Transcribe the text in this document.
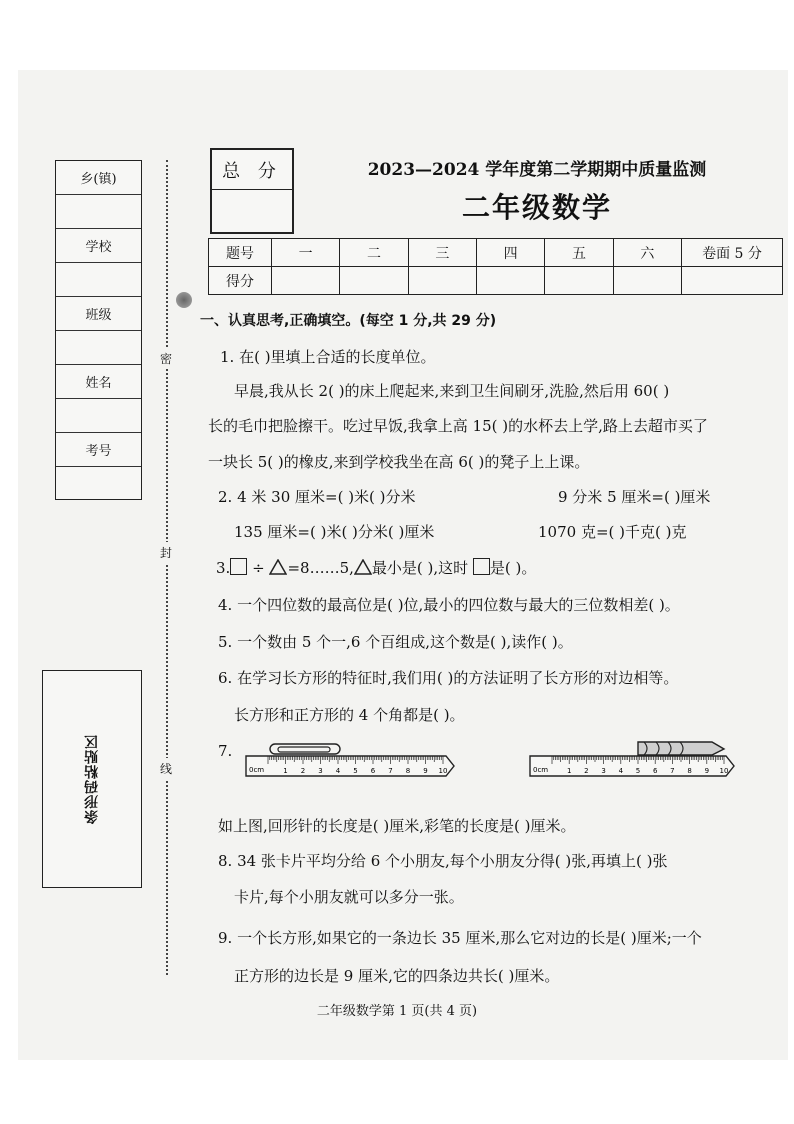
乡(镇)
学校
班级
姓名
考号
条形码粘贴区
密
封
线
总 分	2023—2024 学年度第二学期期中质量监测
二年级数学
题号	一	二	三	四	五	六	卷面 5 分
得分							
一、认真思考,正确填空。(每空 1 分,共 29 分)
1. 在( )里填上合适的长度单位。
早晨,我从长 2( )的床上爬起来,来到卫生间刷牙,洗脸,然后用 60( )
长的毛巾把脸擦干。吃过早饭,我拿上高 15( )的水杯去上学,路上去超市买了
一块长 5( )的橡皮,来到学校我坐在高 6( )的凳子上上课。
2. 4 米 30 厘米=( )米( )分米	9 分米 5 厘米=( )厘米
135 厘米=( )米( )分米( )厘米	1070 克=( )千克( )克
3. ÷ =8……5, 最小是( ),这时 是( )。
4. 一个四位数的最高位是( )位,最小的四位数与最大的三位数相差( )。
5. 一个数由 5 个一,6 个百组成,这个数是( ),读作( )。
6. 在学习长方形的特征时,我们用( )的方法证明了长方形的对边相等。
长方形和正方形的 4 个角都是( )。
7.
0cm	1 2 3 4 5 6 7 8 9 10	0cm	1 2 3 4 5 6 7 8 9 10
如上图,回形针的长度是( )厘米,彩笔的长度是( )厘米。
8. 34 张卡片平均分给 6 个小朋友,每个小朋友分得( )张,再填上( )张
卡片,每个小朋友就可以多分一张。
9. 一个长方形,如果它的一条边长 35 厘米,那么它对边的长是( )厘米;一个
正方形的边长是 9 厘米,它的四条边共长( )厘米。
二年级数学第 1 页(共 4 页)
